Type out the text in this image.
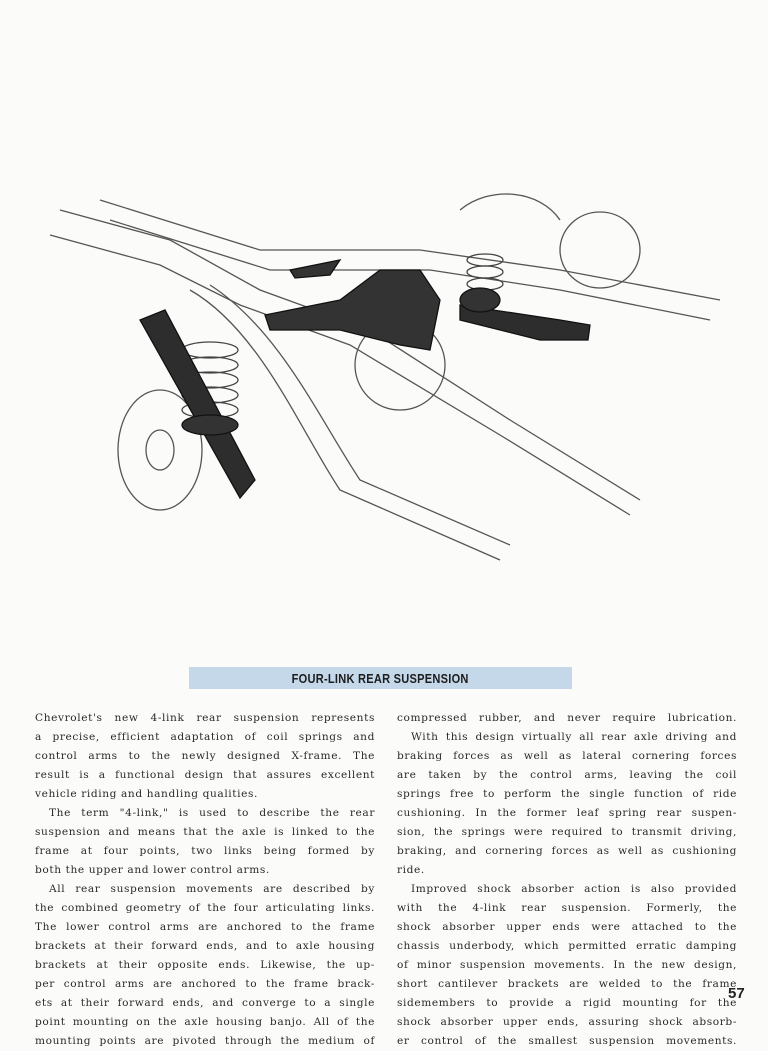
FOUR-LINK REAR SUSPENSION
Chevrolet's new 4-link rear suspension represents
a precise, efficient adaptation of coil springs and
control arms to the newly designed X-frame. The
result is a functional design that assures excellent
vehicle riding and handling qualities.
The term "4-link," is used to describe the rear
suspension and means that the axle is linked to the
frame at four points, two links being formed by
both the upper and lower control arms.
All rear suspension movements are described by
the combined geometry of the four articulating links.
The lower control arms are anchored to the frame
brackets at their forward ends, and to axle housing
brackets at their opposite ends. Likewise, the up-
per control arms are anchored to the frame brack-
ets at their forward ends, and converge to a single
point mounting on the axle housing banjo. All of the
mounting points are pivoted through the medium of
compressed rubber, and never require lubrication.
With this design virtually all rear axle driving and
braking forces as well as lateral cornering forces
are taken by the control arms, leaving the coil
springs free to perform the single function of ride
cushioning. In the former leaf spring rear suspen-
sion, the springs were required to transmit driving,
braking, and cornering forces as well as cushioning
ride.
Improved shock absorber action is also provided
with the 4-link rear suspension. Formerly, the
shock absorber upper ends were attached to the
chassis underbody, which permitted erratic damping
of minor suspension movements. In the new design,
short cantilever brackets are welded to the frame
sidemembers to provide a rigid mounting for the
shock absorber upper ends, assuring shock absorb-
er control of the smallest suspension movements.
57
